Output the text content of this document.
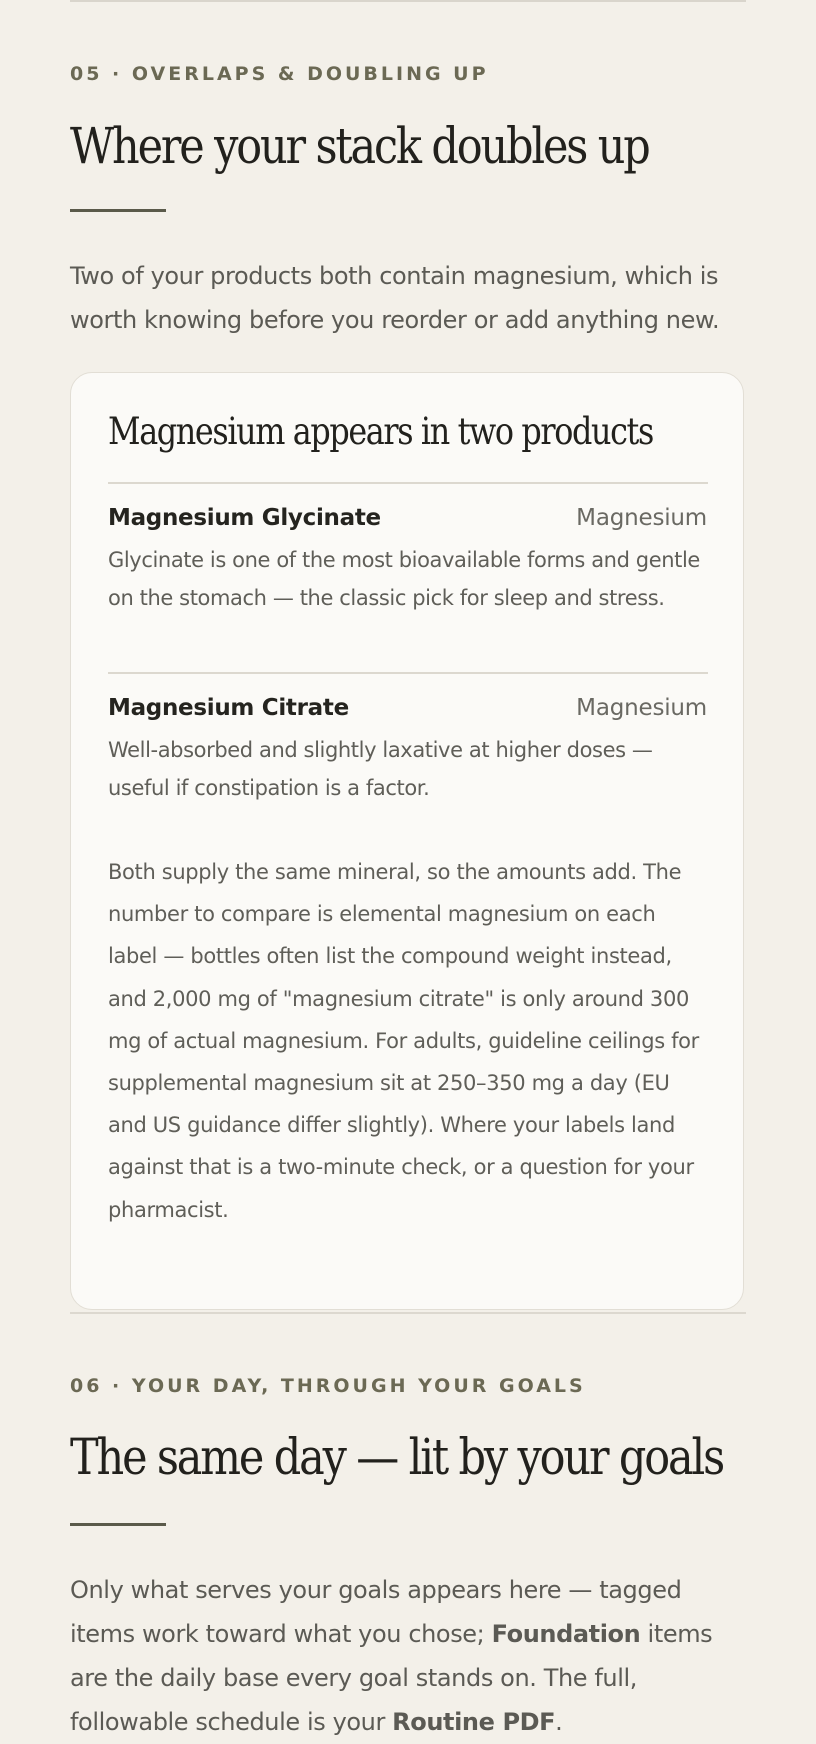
05 · OVERLAPS & DOUBLING UP

Where your stack doubles up

Two of your products both contain magnesium, which is worth knowing before you reorder or add anything new.

Magnesium appears in two products

Magnesium Glycinate	Magnesium

Glycinate is one of the most bioavailable forms and gentle on the stomach — the classic pick for sleep and stress.

Magnesium Citrate	Magnesium

Well-absorbed and slightly laxative at higher doses — useful if constipation is a factor.

Both supply the same mineral, so the amounts add. The number to compare is elemental magnesium on each label — bottles often list the compound weight instead, and 2,000 mg of "magnesium citrate" is only around 300 mg of actual magnesium. For adults, guideline ceilings for supplemental magnesium sit at 250–350 mg a day (EU and US guidance differ slightly). Where your labels land against that is a two-minute check, or a question for your pharmacist.

06 · YOUR DAY, THROUGH YOUR GOALS

The same day — lit by your goals

Only what serves your goals appears here — tagged items work toward what you chose; Foundation items are the daily base every goal stands on. The full, followable schedule is your Routine PDF.
